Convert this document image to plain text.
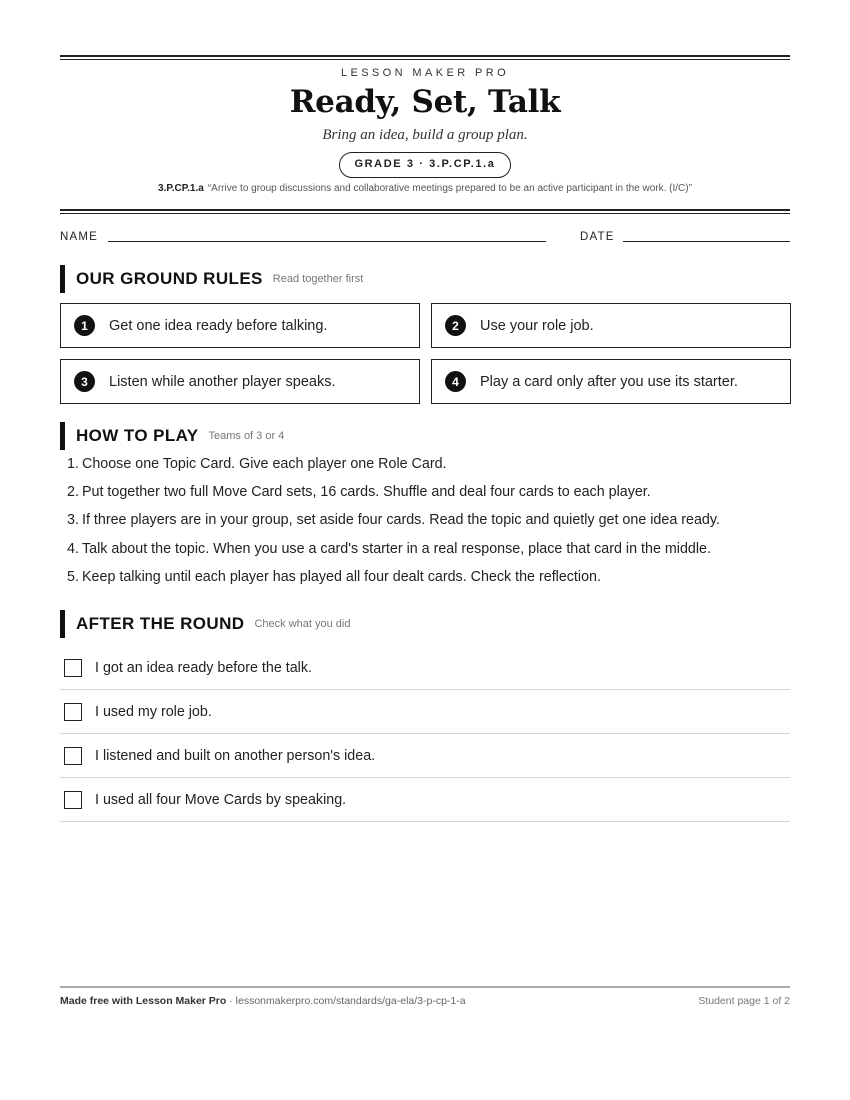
LESSON MAKER PRO
Ready, Set, Talk
Bring an idea, build a group plan.
GRADE 3 · 3.P.CP.1.a
3.P.CP.1.a “Arrive to group discussions and collaborative meetings prepared to be an active participant in the work. (I/C)”
NAME	DATE
OUR GROUND RULES Read together first
1	Get one idea ready before talking.	2	Use your role job.
3	Listen while another player speaks.	4	Play a card only after you use its starter.
HOW TO PLAY Teams of 3 or 4
1. Choose one Topic Card. Give each player one Role Card.
2. Put together two full Move Card sets, 16 cards. Shuffle and deal four cards to each player.
3. If three players are in your group, set aside four cards. Read the topic and quietly get one idea ready.
4. Talk about the topic. When you use a card's starter in a real response, place that card in the middle.
5. Keep talking until each player has played all four dealt cards. Check the reflection.
AFTER THE ROUND Check what you did
I got an idea ready before the talk.
I used my role job.
I listened and built on another person's idea.
I used all four Move Cards by speaking.
Made free with Lesson Maker Pro · lessonmakerpro.com/standards/ga-ela/3-p-cp-1-a	Student page 1 of 2
